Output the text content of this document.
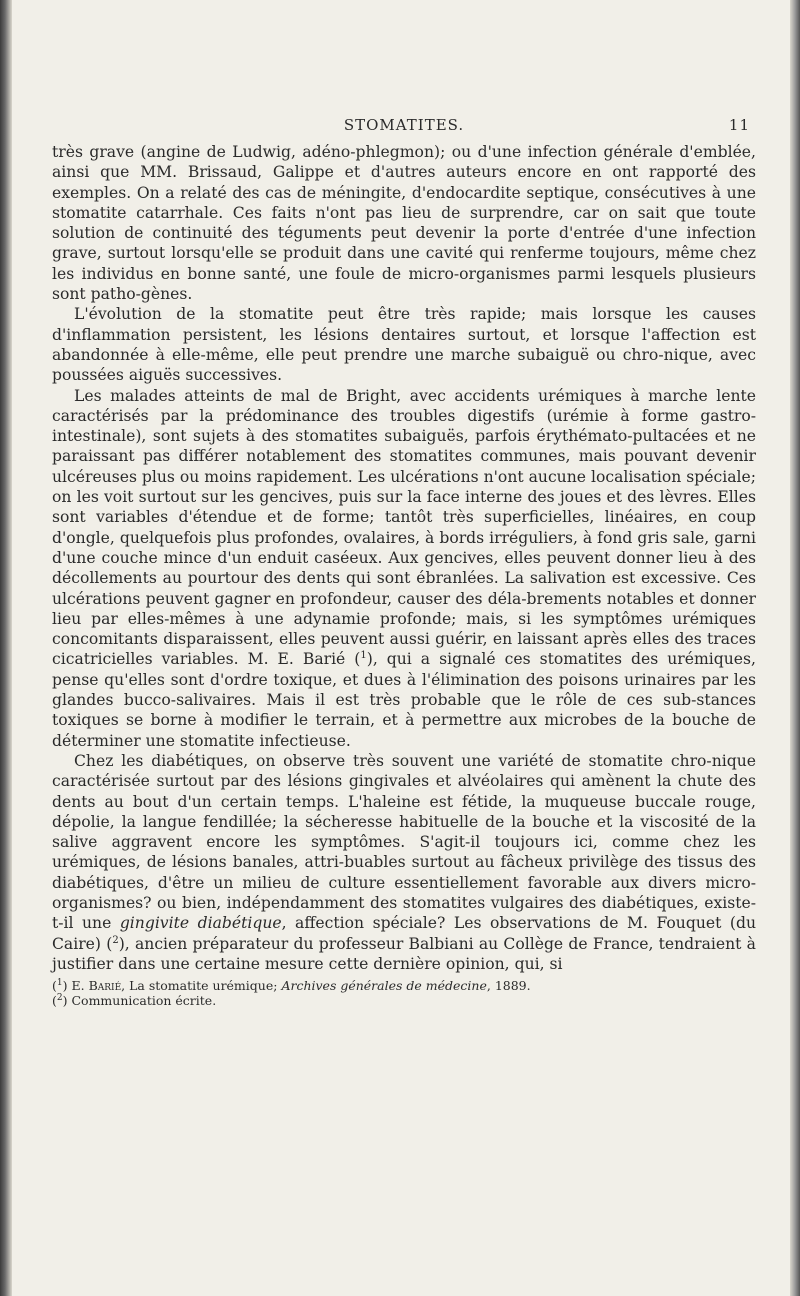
STOMATITES.	11

très grave (angine de Ludwig, adéno-phlegmon); ou d'une infection générale d'emblée, ainsi que MM. Brissaud, Galippe et d'autres auteurs encore en ont rapporté des exemples. On a relaté des cas de méningite, d'endocardite septique, consécutives à une stomatite catarrhale. Ces faits n'ont pas lieu de surprendre, car on sait que toute solution de continuité des téguments peut devenir la porte d'entrée d'une infection grave, surtout lorsqu'elle se produit dans une cavité qui renferme toujours, même chez les individus en bonne santé, une foule de micro-organismes parmi lesquels plusieurs sont patho-gènes.

L'évolution de la stomatite peut être très rapide; mais lorsque les causes d'inflammation persistent, les lésions dentaires surtout, et lorsque l'affection est abandonnée à elle-même, elle peut prendre une marche subaiguë ou chro-nique, avec poussées aiguës successives.

Les malades atteints de mal de Bright, avec accidents urémiques à marche lente caractérisés par la prédominance des troubles digestifs (urémie à forme gastro-intestinale), sont sujets à des stomatites subaiguës, parfois érythémato-pultacées et ne paraissant pas différer notablement des stomatites communes, mais pouvant devenir ulcéreuses plus ou moins rapidement. Les ulcérations n'ont aucune localisation spéciale; on les voit surtout sur les gencives, puis sur la face interne des joues et des lèvres. Elles sont variables d'étendue et de forme; tantôt très superficielles, linéaires, en coup d'ongle, quelquefois plus profondes, ovalaires, à bords irréguliers, à fond gris sale, garni d'une couche mince d'un enduit caséeux. Aux gencives, elles peuvent donner lieu à des décollements au pourtour des dents qui sont ébranlées. La salivation est excessive. Ces ulcérations peuvent gagner en profondeur, causer des déla-brements notables et donner lieu par elles-mêmes à une adynamie profonde; mais, si les symptômes urémiques concomitants disparaissent, elles peuvent aussi guérir, en laissant après elles des traces cicatricielles variables. M. E. Barié ($^1$), qui a signalé ces stomatites des urémiques, pense qu'elles sont d'ordre toxique, et dues à l'élimination des poisons urinaires par les glandes bucco-salivaires. Mais il est très probable que le rôle de ces sub-stances toxiques se borne à modifier le terrain, et à permettre aux microbes de la bouche de déterminer une stomatite infectieuse.

Chez les diabétiques, on observe très souvent une variété de stomatite chro-nique caractérisée surtout par des lésions gingivales et alvéolaires qui amènent la chute des dents au bout d'un certain temps. L'haleine est fétide, la muqueuse buccale rouge, dépolie, la langue fendillée; la sécheresse habituelle de la bouche et la viscosité de la salive aggravent encore les symptômes. S'agit-il toujours ici, comme chez les urémiques, de lésions banales, attri-buables surtout au fâcheux privilège des tissus des diabétiques, d'être un milieu de culture essentiellement favorable aux divers micro-organismes? ou bien, indépendamment des stomatites vulgaires des diabétiques, existe-t-il une gingivite diabétique, affection spéciale? Les observations de M. Fouquet (du Caire) ($^2$), ancien préparateur du professeur Balbiani au Collège de France, tendraient à justifier dans une certaine mesure cette dernière opinion, qui, si

($^1$) E. Barié, La stomatite urémique; Archives générales de médecine, 1889.
($^2$) Communication écrite.
